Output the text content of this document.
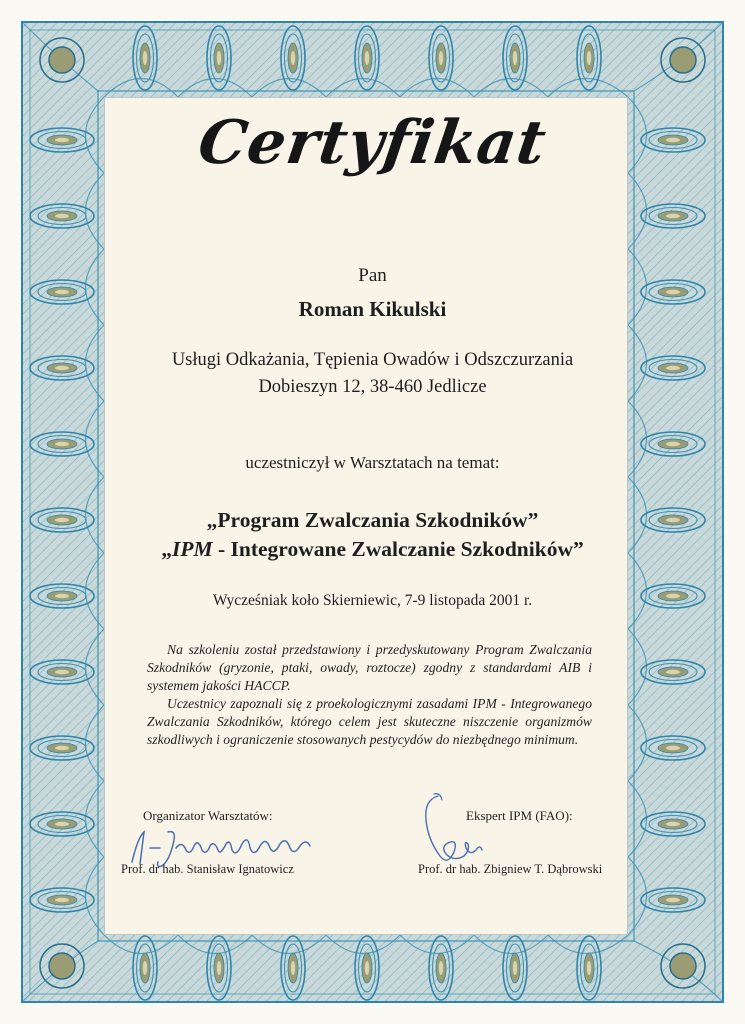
Certyfikat
Pan
Roman Kikulski
Usługi Odkażania, Tępienia Owadów i Odszczurzania
Dobieszyn 12, 38-460 Jedlicze
uczestniczył w Warsztatach na temat:
„Program Zwalczania Szkodników”
„IPM - Integrowane Zwalczanie Szkodników”
Wycześniak koło Skierniewic, 7-9 listopada 2001 r.

Na szkoleniu został przedstawiony i przedyskutowany Program Zwalczania Szkodników (gryzonie, ptaki, owady, roztocze) zgodny z standardami AIB i systemem jakości HACCP.

Uczestnicy zapoznali się z proekologicznymi zasadami IPM - Integrowanego Zwalczania Szkodników, którego celem jest skuteczne niszczenie organizmów szkodliwych i ograniczenie stosowanych pestycydów do niezbędnego minimum.

Organizator Warsztatów:	Ekspert IPM (FAO):
Prof. dr hab. Stanisław Ignatowicz	Prof. dr hab. Zbigniew T. Dąbrowski
